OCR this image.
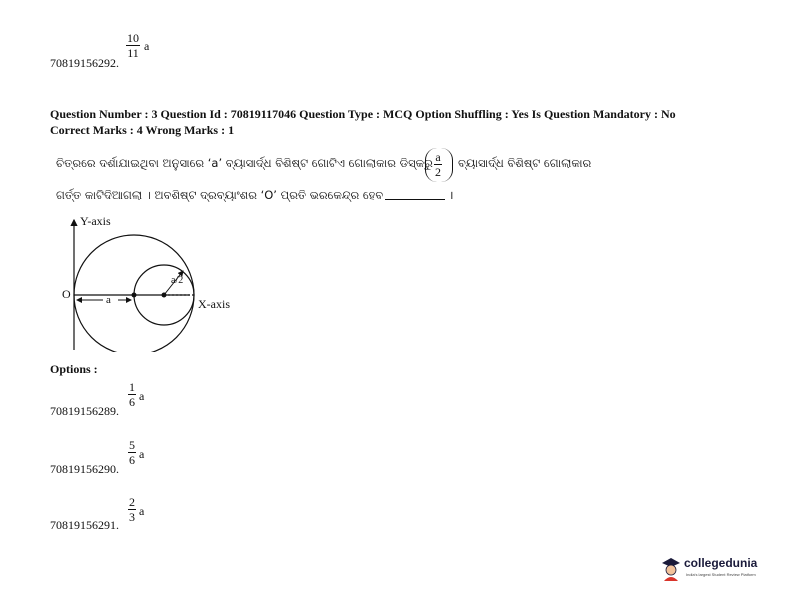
10
11 a
70819156292.
Question Number : 3 Question Id : 70819117046 Question Type : MCQ Option Shuffling : Yes Is Question Mandatory : No
Correct Marks : 4 Wrong Marks : 1
ଚିତ୍ରରେ ଦର୍ଶାଯାଇଥିବା ଅନୁସାରେ ‘a’ ବ୍ୟାସାର୍ଦ୍ଧ ବିଶିଷ୍ଟ ଗୋଟିଏ ଗୋଲାକାର ଡିସ୍କରୁ a
2
ବ୍ୟାସାର୍ଦ୍ଧ ବିଶିଷ୍ଟ ଗୋଲାକାର
ଗର୍ତ୍ତ କାଟିଦିଆଗଲା । ଅବଶିଷ୍ଟ ଦ୍ରବ୍ୟାଂଶର ‘O’ ପ୍ରତି ଭରକେନ୍ଦ୍ର ହେବ	।
Y-axis
X-axis
O	a
a/2
Options :
1
6 a
70819156289.
5
6 a
70819156290.
2
3 a
70819156291.
collegedunia
India's largest Student Review Platform
